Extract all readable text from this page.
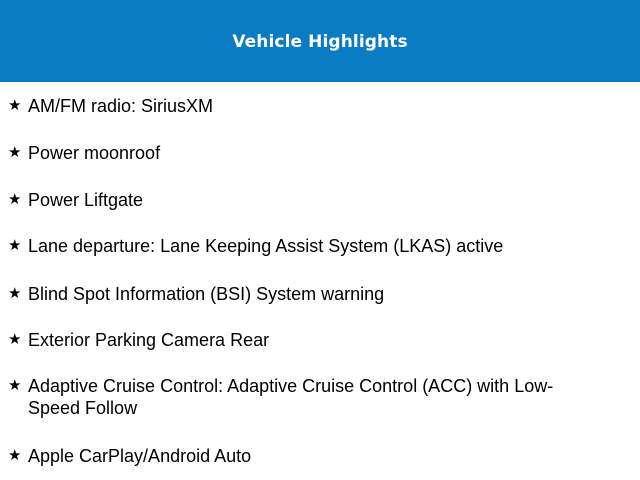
Vehicle Highlights
★ AM/FM radio: SiriusXM
★ Power moonroof
★ Power Liftgate
★ Lane departure: Lane Keeping Assist System (LKAS) active
★ Blind Spot Information (BSI) System warning
★ Exterior Parking Camera Rear
★ Adaptive Cruise Control: Adaptive Cruise Control (ACC) with Low-Speed Follow
★ Apple CarPlay/Android Auto
